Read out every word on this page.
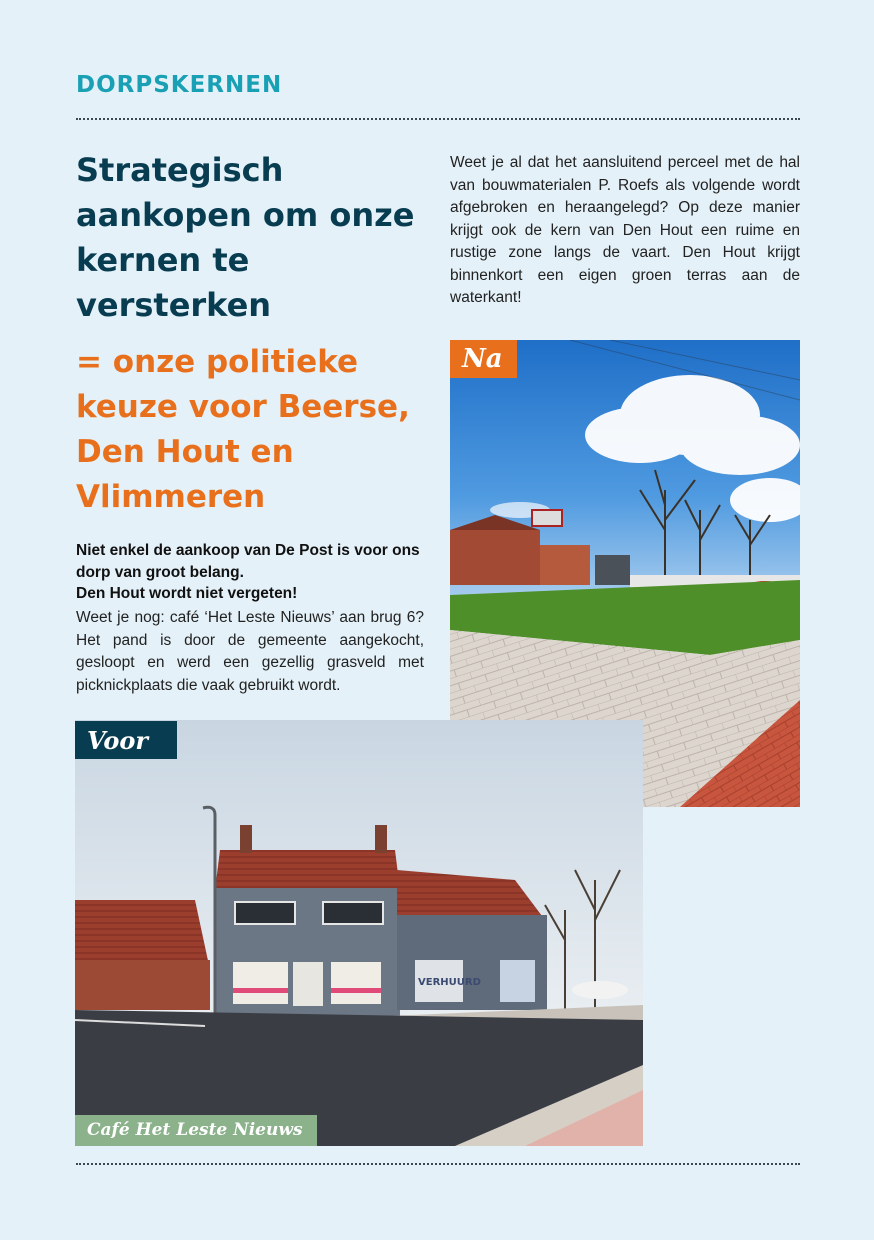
DORPSKERNEN
Strategisch aankopen om onze kernen te versterken
= onze politieke keuze voor Beerse, Den Hout en Vlimmeren
Niet enkel de aankoop van De Post is voor ons dorp van groot belang.
Den Hout wordt niet vergeten!
Weet je nog: café ‘Het Leste Nieuws’ aan brug 6? Het pand is door de gemeente aangekocht, gesloopt en werd een gezellig grasveld met picknickplaats die vaak gebruikt wordt.
Weet je al dat het aansluitend perceel met de hal van bouwmaterialen P. Roefs als volgende wordt afgebroken en heraangelegd? Op deze manier krijgt ook de kern van Den Hout een ruime en rustige zone langs de vaart. Den Hout krijgt binnenkort een eigen groen terras aan de waterkant!
Na
VERHUURD
Voor
Café Het Leste Nieuws
